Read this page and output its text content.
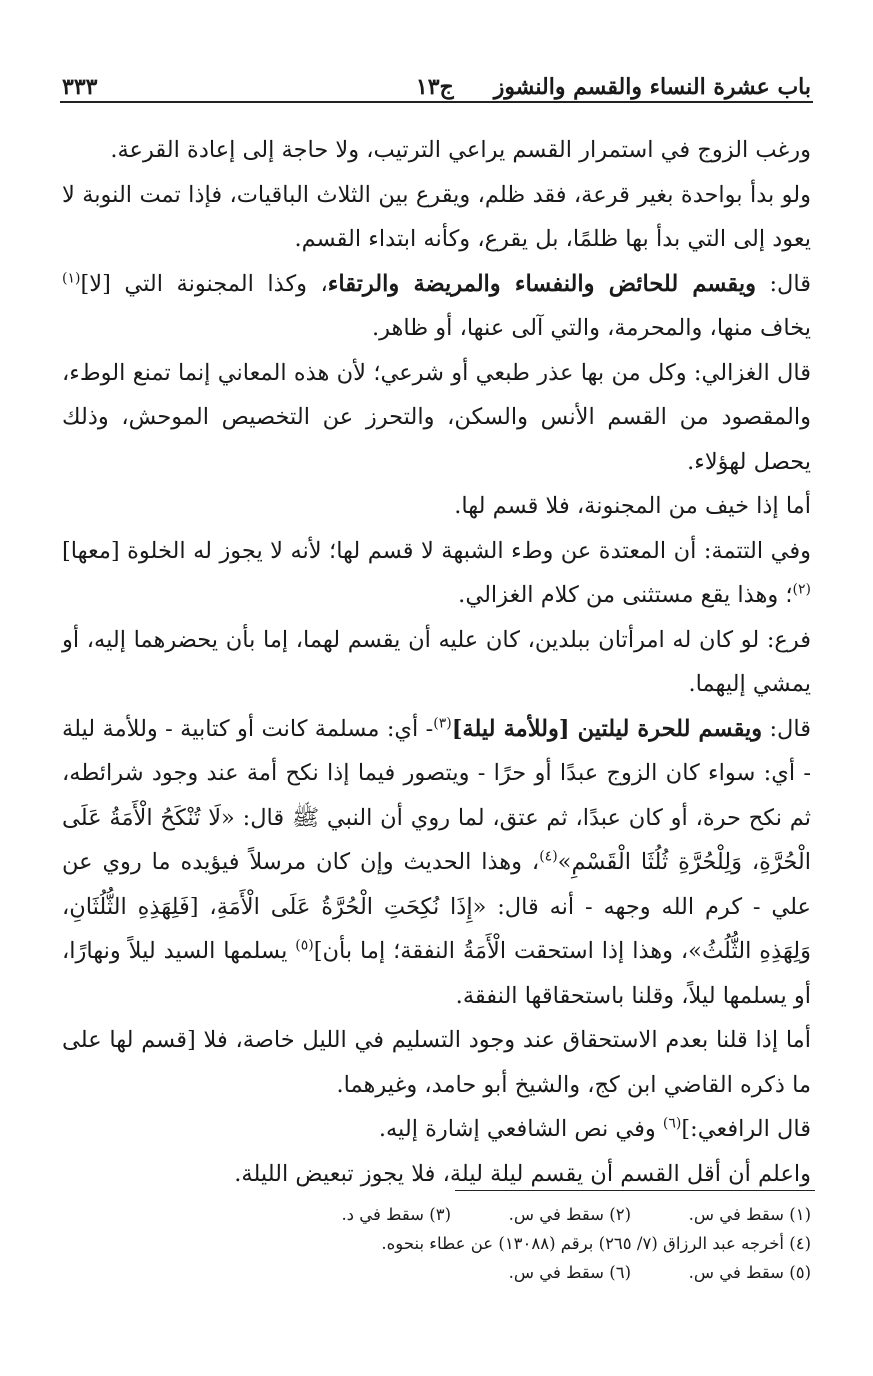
باب عشرة النساء والقسم والنشوز
ج١٣
٣٣٣

ورغب الزوج في استمرار القسم يراعي الترتيب، ولا حاجة إلى إعادة القرعة.

ولو بدأ بواحدة بغير قرعة، فقد ظلم، ويقرع بين الثلاث الباقيات، فإذا تمت النوبة لا يعود إلى التي بدأ بها ظلمًا، بل يقرع، وكأنه ابتداء القسم.

قال: ويقسم للحائض والنفساء والمريضة والرتقاء، وكذا المجنونة التي [لا]$^{(١)}$ يخاف منها، والمحرمة، والتي آلى عنها، أو ظاهر.

قال الغزالي: وكل من بها عذر طبعي أو شرعي؛ لأن هذه المعاني إنما تمنع الوطء، والمقصود من القسم الأنس والسكن، والتحرز عن التخصيص الموحش، وذلك يحصل لهؤلاء.

أما إذا خيف من المجنونة، فلا قسم لها.

وفي التتمة: أن المعتدة عن وطء الشبهة لا قسم لها؛ لأنه لا يجوز له الخلوة [معها]$^{(٢)}$؛ وهذا يقع مستثنى من كلام الغزالي.

فرع: لو كان له امرأتان ببلدين، كان عليه أن يقسم لهما، إما بأن يحضرهما إليه، أو يمشي إليهما.

قال: ويقسم للحرة ليلتين [وللأمة ليلة]$^{(٣)}$- أي: مسلمة كانت أو كتابية - وللأمة ليلة - أي: سواء كان الزوج عبدًا أو حرًا - ويتصور فيما إذا نكح أمة عند وجود شرائطه، ثم نكح حرة، أو كان عبدًا، ثم عتق، لما روي أن النبي ﷺ قال: «لَا تُنْكَحُ الْأَمَةُ عَلَى الْحُرَّةِ، وَلِلْحُرَّةِ ثُلُثَا الْقَسْمِ»$^{(٤)}$، وهذا الحديث وإن كان مرسلاً فيؤيده ما روي عن علي - كرم الله وجهه - أنه قال: «إِذَا نُكِحَتِ الْحُرَّةُ عَلَى الْأَمَةِ، [فَلِهَذِهِ الثُّلُثَانِ، وَلِهَذِهِ الثُّلُثُ»، وهذا إذا استحقت الْأَمَةُ النفقة؛ إما بأن]$^{(٥)}$ يسلمها السيد ليلاً ونهارًا، أو يسلمها ليلاً، وقلنا باستحقاقها النفقة.

أما إذا قلنا بعدم الاستحقاق عند وجود التسليم في الليل خاصة، فلا [قسم لها على ما ذكره القاضي ابن كج، والشيخ أبو حامد، وغيرهما.

قال الرافعي:]$^{(٦)}$ وفي نص الشافعي إشارة إليه.

واعلم أن أقل القسم أن يقسم ليلة ليلة، فلا يجوز تبعيض الليلة.

(١) سقط في س.
(٢) سقط في س.
(٣) سقط في د.
(٤) أخرجه عبد الرزاق (٧/ ٢٦٥) برقم (١٣٠٨٨) عن عطاء بنحوه.
(٥) سقط في س.
(٦) سقط في س.
